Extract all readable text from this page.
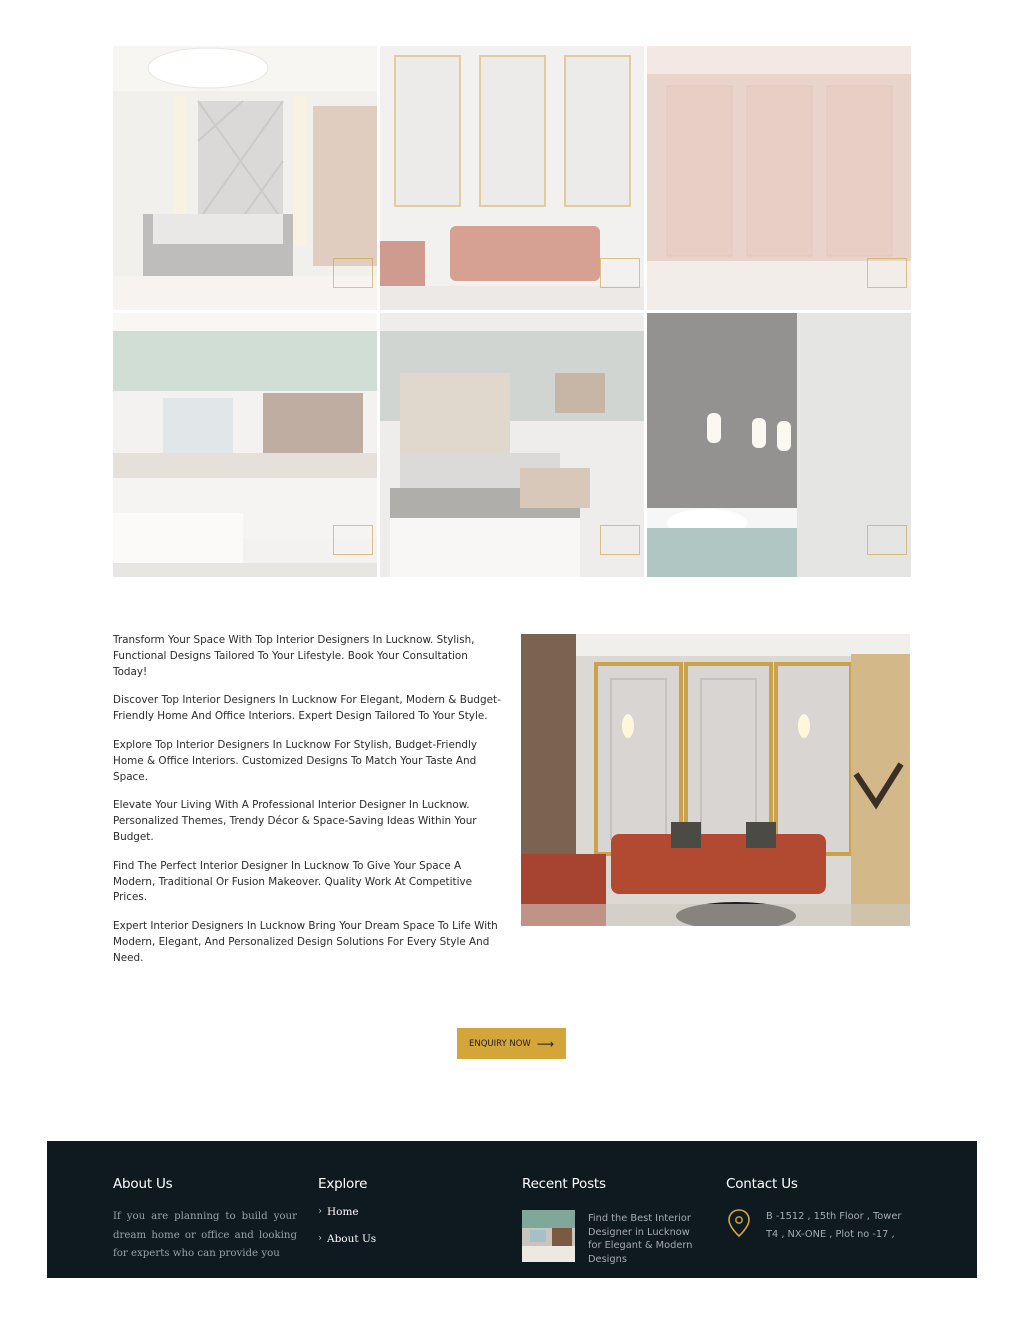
Transform Your Space With Top Interior Designers In Lucknow. Stylish, Functional Designs Tailored To Your Lifestyle. Book Your Consultation Today!

Discover Top Interior Designers In Lucknow For Elegant, Modern & Budget-Friendly Home And Office Interiors. Expert Design Tailored To Your Style.

Explore Top Interior Designers In Lucknow For Stylish, Budget-Friendly Home & Office Interiors. Customized Designs To Match Your Taste And Space.

Elevate Your Living With A Professional Interior Designer In Lucknow. Personalized Themes, Trendy Décor & Space-Saving Ideas Within Your Budget.

Find The Perfect Interior Designer In Lucknow To Give Your Space A Modern, Traditional Or Fusion Makeover. Quality Work At Competitive Prices.

Expert Interior Designers In Lucknow Bring Your Dream Space To Life With Modern, Elegant, And Personalized Design Solutions For Every Style And Need.

ENQUIRY NOW ⟶
About Us

If you are planning to build your dream home or office and looking for experts who can provide you

Explore
› Home
› About Us
Recent Posts

Find the Best Interior Designer in Lucknow for Elegant & Modern Designs

Contact Us

B -1512 , 15th Floor , Tower T4 , NX-ONE , Plot no -17 ,
